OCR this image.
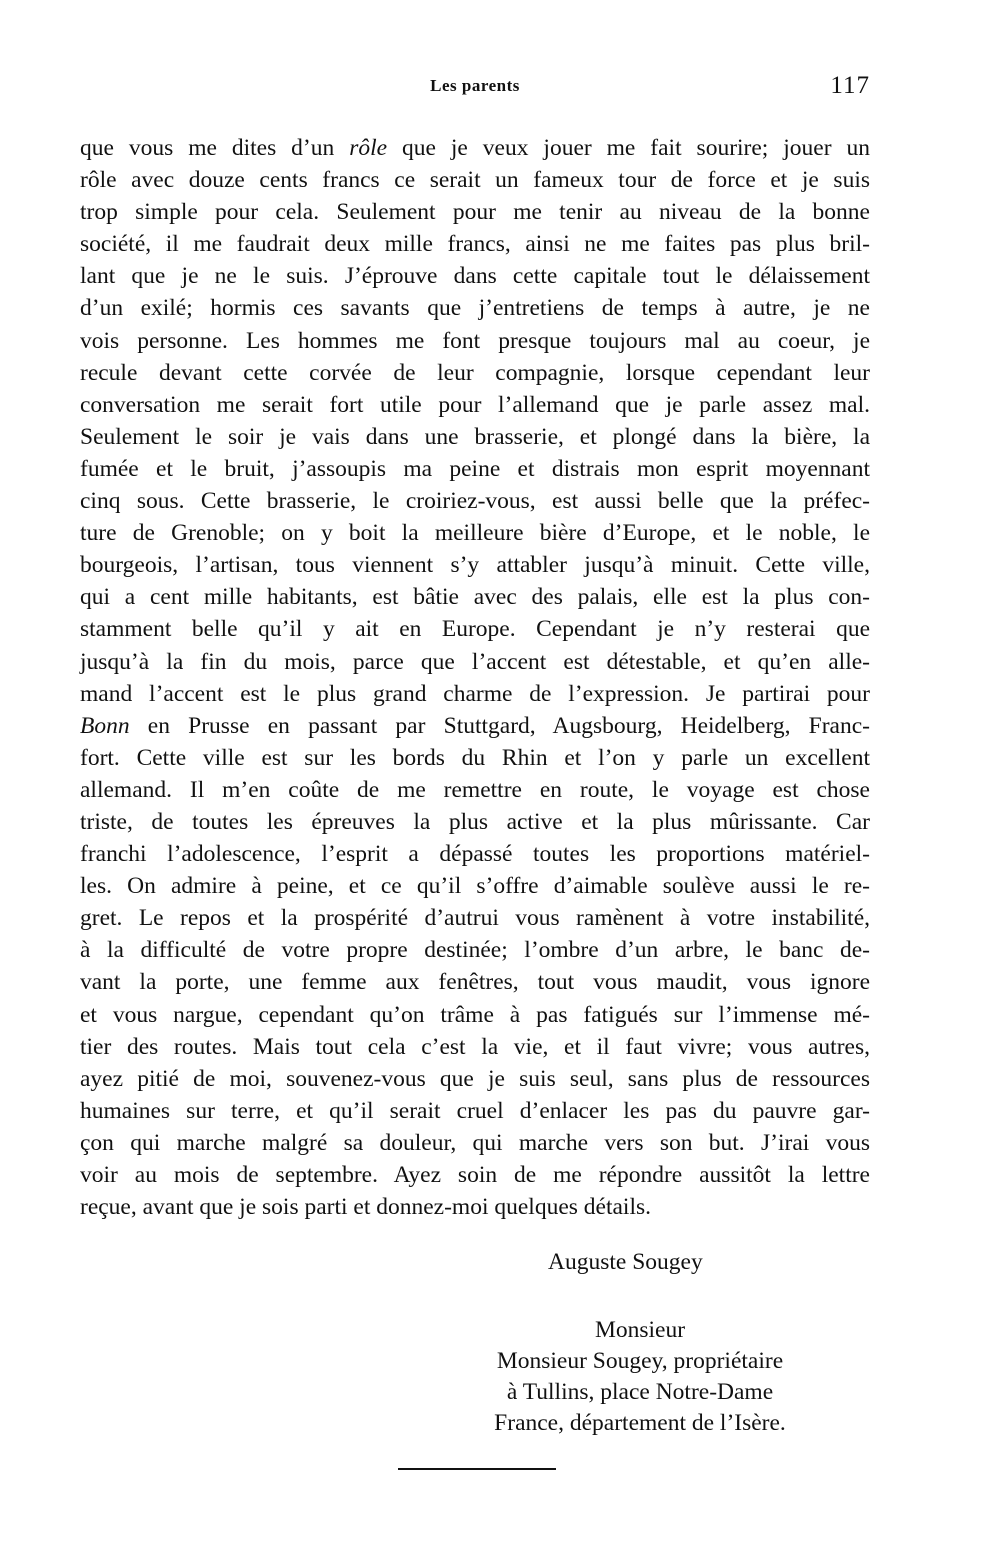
Les parents	117
que vous me dites d’un rôle que je veux jouer me fait sourire; jouer un
rôle avec douze cents francs ce serait un fameux tour de force et je suis
trop simple pour cela. Seulement pour me tenir au niveau de la bonne
société, il me faudrait deux mille francs, ainsi ne me faites pas plus bril-
lant que je ne le suis. J’éprouve dans cette capitale tout le délaissement
d’un exilé; hormis ces savants que j’entretiens de temps à autre, je ne
vois personne. Les hommes me font presque toujours mal au coeur, je
recule devant cette corvée de leur compagnie, lorsque cependant leur
conversation me serait fort utile pour l’allemand que je parle assez mal.
Seulement le soir je vais dans une brasserie, et plongé dans la bière, la
fumée et le bruit, j’assoupis ma peine et distrais mon esprit moyennant
cinq sous. Cette brasserie, le croiriez-vous, est aussi belle que la préfec-
ture de Grenoble; on y boit la meilleure bière d’Europe, et le noble, le
bourgeois, l’artisan, tous viennent s’y attabler jusqu’à minuit. Cette ville,
qui a cent mille habitants, est bâtie avec des palais, elle est la plus con-
stamment belle qu’il y ait en Europe. Cependant je n’y resterai que
jusqu’à la fin du mois, parce que l’accent est détestable, et qu’en alle-
mand l’accent est le plus grand charme de l’expression. Je partirai pour
Bonn en Prusse en passant par Stuttgard, Augsbourg, Heidelberg, Franc-
fort. Cette ville est sur les bords du Rhin et l’on y parle un excellent
allemand. Il m’en coûte de me remettre en route, le voyage est chose
triste, de toutes les épreuves la plus active et la plus mûrissante. Car
franchi l’adolescence, l’esprit a dépassé toutes les proportions matériel-
les. On admire à peine, et ce qu’il s’offre d’aimable soulève aussi le re-
gret. Le repos et la prospérité d’autrui vous ramènent à votre instabilité,
à la difficulté de votre propre destinée; l’ombre d’un arbre, le banc de-
vant la porte, une femme aux fenêtres, tout vous maudit, vous ignore
et vous nargue, cependant qu’on trâme à pas fatigués sur l’immense mé-
tier des routes. Mais tout cela c’est la vie, et il faut vivre; vous autres,
ayez pitié de moi, souvenez-vous que je suis seul, sans plus de ressources
humaines sur terre, et qu’il serait cruel d’enlacer les pas du pauvre gar-
çon qui marche malgré sa douleur, qui marche vers son but. J’irai vous
voir au mois de septembre. Ayez soin de me répondre aussitôt la lettre
reçue, avant que je sois parti et donnez-moi quelques détails.
Auguste Sougey
Monsieur
Monsieur Sougey, propriétaire
à Tullins, place Notre-Dame
France, département de l’Isère.
